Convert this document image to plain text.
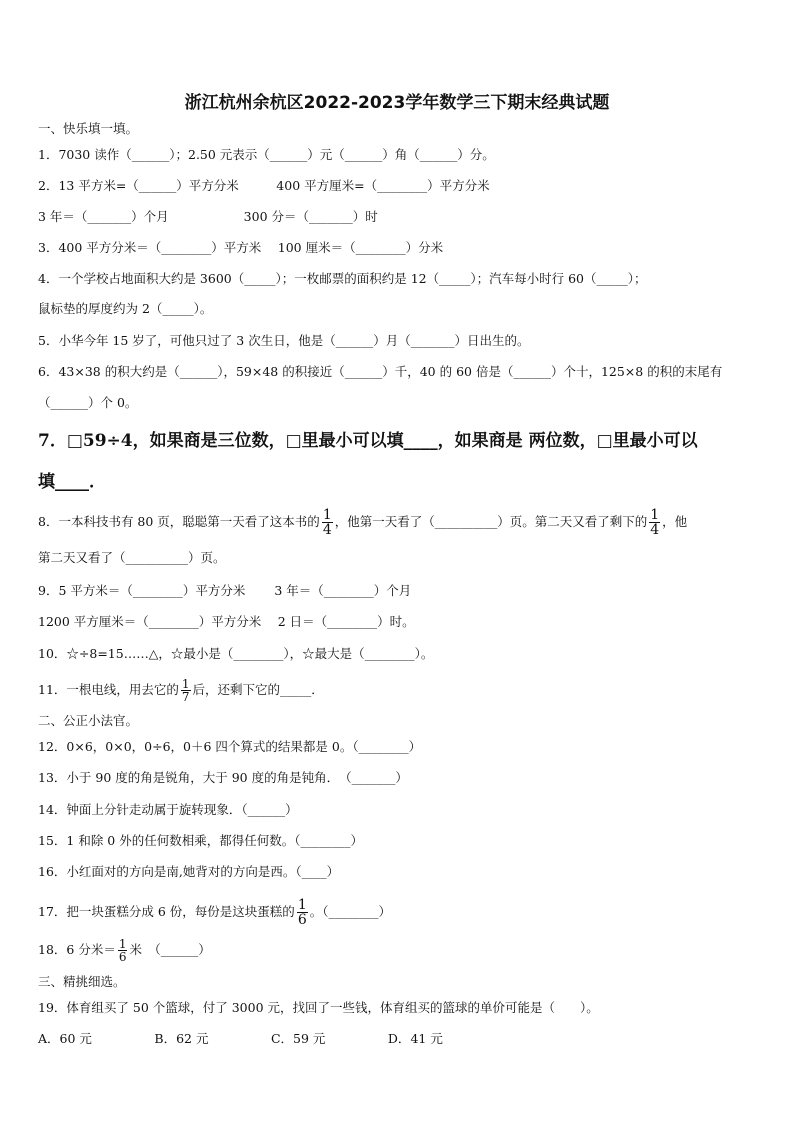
浙江杭州余杭区2022-2023学年数学三下期末经典试题
一、快乐填一填。
1．7030 读作（______）；2.50 元表示（______）元（______）角（______）分。
2．13 平方米=（______）平方分米　　　400 平方厘米=（________）平方分米
3 年＝（_______）个月　　　　　　300 分＝（_______）时
3．400 平方分米＝（________）平方米　 100 厘米＝（________）分米
4．一个学校占地面积大约是 3600（_____）；一枚邮票的面积约是 12（_____）；汽车每小时行 60（_____）；
鼠标垫的厚度约为 2（_____）。
5．小华今年 15 岁了，可他只过了 3 次生日，他是（______）月（_______）日出生的。
6．43×38 的积大约是（______），59×48 的积接近（______）千，40 的 60 倍是（______）个十，125×8 的积的末尾有
（______）个 0。
7．□59÷4，如果商是三位数，□里最小可以填____，如果商是 两位数，□里最小可以
填____．
8．一本科技书有 80 页，聪聪第一天看了这本书的 $\frac{1}{4}$ ，他第一天看了（__________）页。第二天又看了剩下的 $\frac{1}{4}$ ，他
第二天又看了（__________）页。
9．5 平方米＝（________）平方分米　　 3 年＝（________）个月
1200 平方厘米＝（________）平方分米　 2 日＝（________）时。
10．☆÷8=15……△，☆最小是（________），☆最大是（________）。
11．一根电线，用去它的 $\frac{1}{7}$ 后，还剩下它的_____．
二、公正小法官。
12．0×6，0×0，0÷6，0＋6 四个算式的结果都是 0。（________）
13．小于 90 度的角是锐角，大于 90 度的角是钝角．　（_______）
14．钟面上分针走动属于旋转现象．（______）
15．1 和除 0 外的任何数相乘，都得任何数。（________）
16．小红面对的方向是南,她背对的方向是西。（____）
17．把一块蛋糕分成 6 份，每份是这块蛋糕的 $\frac{1}{6}$ 。（________）
18．6 分米＝ $\frac{1}{6}$ 米　（______）
三、精挑细选。
19．体育组买了 50 个篮球，付了 3000 元，找回了一些钱，体育组买的篮球的单价可能是（　　）。
A．60 元　　　　　B．62 元　　　　　C．59 元　　　　　D．41 元
